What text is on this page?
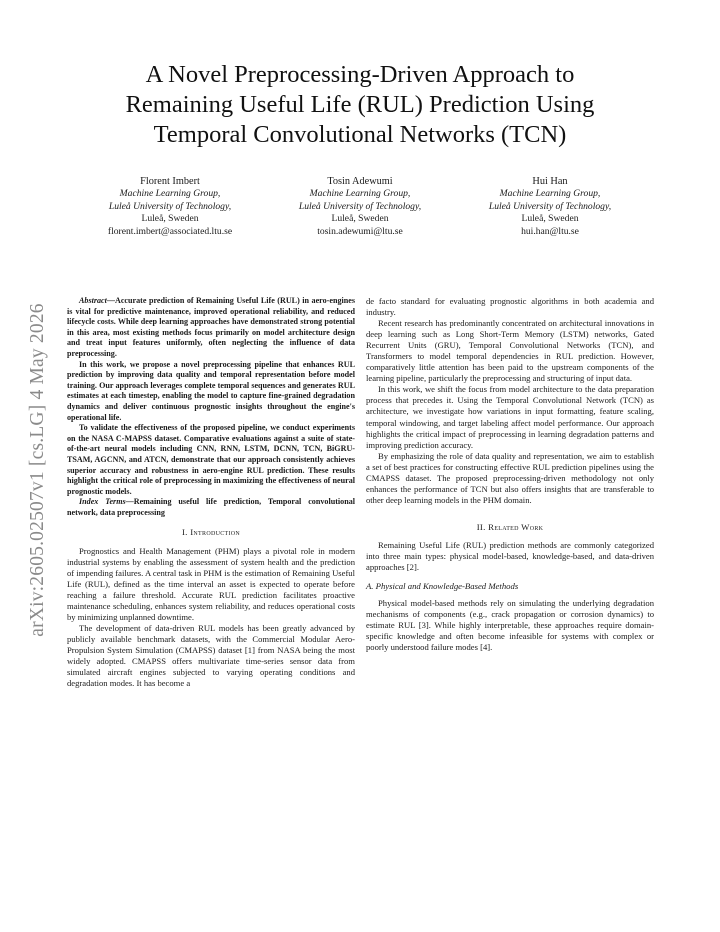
arXiv:2605.02507v1 [cs.LG] 4 May 2026
A Novel Preprocessing-Driven Approach to
Remaining Useful Life (RUL) Prediction Using
Temporal Convolutional Networks (TCN)
Florent Imbert
Machine Learning Group,
Luleå University of Technology,
Luleå, Sweden
florent.imbert@associated.ltu.se
Tosin Adewumi
Machine Learning Group,
Luleå University of Technology,
Luleå, Sweden
tosin.adewumi@ltu.se
Hui Han
Machine Learning Group,
Luleå University of Technology,
Luleå, Sweden
hui.han@ltu.se

Abstract—Accurate prediction of Remaining Useful Life (RUL) in aero-engines is vital for predictive maintenance, improved operational reliability, and reduced lifecycle costs. While deep learning approaches have demonstrated strong potential in this area, most existing methods focus primarily on model architecture design and treat input features uniformly, often neglecting the influence of data preprocessing.

In this work, we propose a novel preprocessing pipeline that enhances RUL prediction by improving data quality and temporal representation before model training. Our approach leverages complete temporal sequences and generates RUL estimates at each timestep, enabling the model to capture fine-grained degradation dynamics and deliver continuous prognostic insights throughout the engine's operational life.

To validate the effectiveness of the proposed pipeline, we conduct experiments on the NASA C-MAPSS dataset. Comparative evaluations against a suite of state-of-the-art neural models including CNN, RNN, LSTM, DCNN, TCN, BiGRU-TSAM, AGCNN, and ATCN, demonstrate that our approach consistently achieves superior accuracy and robustness in aero-engine RUL prediction. These results highlight the critical role of preprocessing in maximizing the effectiveness of neural prognostic models.

Index Terms—Remaining useful life prediction, Temporal convolutional network, data preprocessing

I. Introduction

Prognostics and Health Management (PHM) plays a pivotal role in modern industrial systems by enabling the assessment of system health and the prediction of impending failures. A central task in PHM is the estimation of Remaining Useful Life (RUL), defined as the time interval an asset is expected to operate before reaching a failure threshold. Accurate RUL prediction facilitates proactive maintenance scheduling, enhances system reliability, and reduces operational costs by minimizing unplanned downtime.

The development of data-driven RUL models has been greatly advanced by publicly available benchmark datasets, with the Commercial Modular Aero-Propulsion System Simulation (CMAPSS) dataset [1] from NASA being the most widely adopted. CMAPSS offers multivariate time-series sensor data from simulated aircraft engines subjected to varying operating conditions and degradation modes. It has become a

de facto standard for evaluating prognostic algorithms in both academia and industry.

Recent research has predominantly concentrated on architectural innovations in deep learning such as Long Short-Term Memory (LSTM) networks, Gated Recurrent Units (GRU), Temporal Convolutional Networks (TCN), and Transformers to model temporal dependencies in RUL prediction. However, comparatively little attention has been paid to the upstream components of the learning pipeline, particularly the preprocessing and structuring of input data.

In this work, we shift the focus from model architecture to the data preparation process that precedes it. Using the Temporal Convolutional Network (TCN) as architecture, we investigate how variations in input formatting, feature scaling, temporal windowing, and target labeling affect model performance. Our approach highlights the critical impact of preprocessing in learning degradation patterns and improving prediction accuracy.

By emphasizing the role of data quality and representation, we aim to establish a set of best practices for constructing effective RUL prediction pipelines using the CMAPSS dataset. The proposed preprocessing-driven methodology not only enhances the performance of TCN but also offers insights that are transferable to other deep learning models in the PHM domain.

II. Related Work

Remaining Useful Life (RUL) prediction methods are commonly categorized into three main types: physical model-based, knowledge-based, and data-driven approaches [2].

A. Physical and Knowledge-Based Methods

Physical model-based methods rely on simulating the underlying degradation mechanisms of components (e.g., crack propagation or corrosion dynamics) to estimate RUL [3]. While highly interpretable, these approaches require domain-specific knowledge and often become infeasible for systems with complex or poorly understood failure modes [4].
